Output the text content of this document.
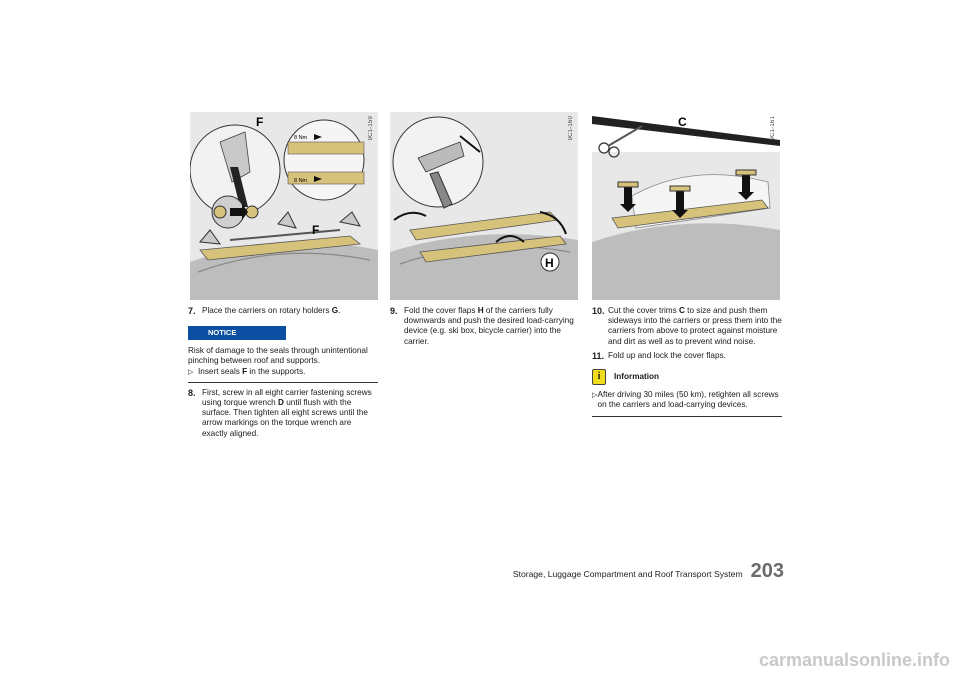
F
8 Nm
8 Nm
F
9C1-159
H
9C1-160	C	9C1-161
7. Place the carriers on rotary holders G.
NOTICE
Risk of damage to the seals through unintentional pinching between roof and supports.
▷ Insert seals F in the supports.
8. First, screw in all eight carrier fastening screws using torque wrench D until flush with the surface. Then tighten all eight screws until the arrow markings on the torque wrench are exactly aligned.
9. Fold the cover flaps H of the carriers fully downwards and push the desired load-carrying device (e.g. ski box, bicycle carrier) into the carrier.
10. Cut the cover trims C to size and push them sideways into the carriers or press them into the carriers from above to protect against moisture and dirt as well as to prevent wind noise.
11. Fold up and lock the cover flaps.
i	Information
▷ After driving 30 miles (50 km), retighten all screws on the carriers and load-carrying devices.
Storage, Luggage Compartment and Roof Transport System 203
carmanualsonline.info
